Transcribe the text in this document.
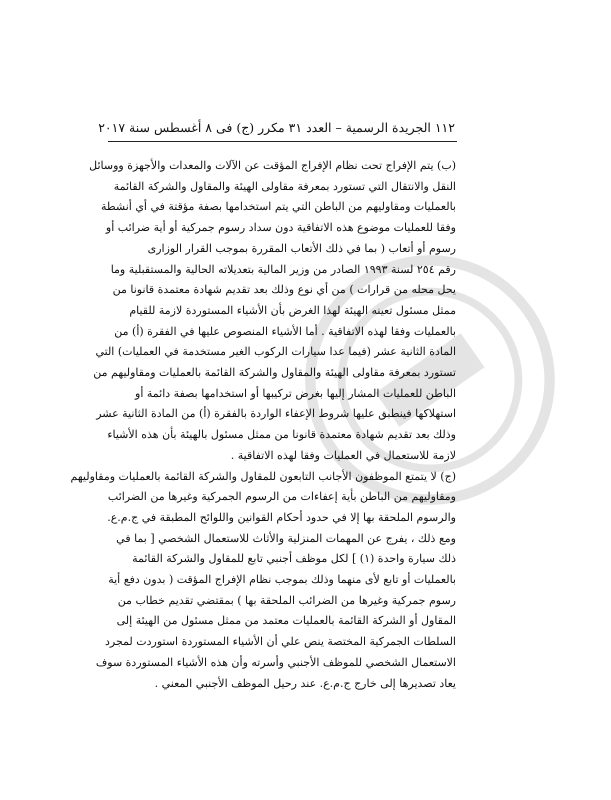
١١٢ الجريدة الرسمية – العدد ٣١ مكرر (ج) فى ٨ أغسطس سنة ٢٠١٧

(ب) يتم الإفراج تحت نظام الإفراج المؤقت عن الآلات والمعدات والأجهزة ووسائل
النقل والانتقال التي تستورد بمعرفة مقاولى الهيئة والمقاول والشركة القائمة
بالعمليات ومقاوليهم من الباطن التي يتم استخدامها بصفة مؤقتة في أي أنشطة
وفقا للعمليات موضوع هذه الاتفاقية دون سداد رسوم جمركية أو أية ضرائب أو
رسوم أو أتعاب ( بما في ذلك الأتعاب المقررة بموجب القرار الوزارى
رقم ٢٥٤ لسنة ١٩٩٣ الصادر من وزير المالية بتعديلاته الحالية والمستقبلية وما
يحل محله من قرارات ) من أي نوع وذلك بعد تقديم شهادة معتمدة قانونا من
ممثل مسئول تعينه الهيئة لهذا الغرض بأن الأشياء المستوردة لازمة للقيام
بالعمليات وفقا لهذه الاتفاقية . أما الأشياء المنصوص عليها في الفقرة (أ) من
المادة الثانية عشر (فيما عدا سيارات الركوب الغير مستخدمة في العمليات) التي
تستورد بمعرفة مقاولى الهيئة والمقاول والشركة القائمة بالعمليات ومقاوليهم من
الباطن للعمليات المشار إليها بغرض تركيبها أو استخدامها بصفة دائمة أو
استهلاكها فينطبق عليها شروط الإعفاء الواردة بالفقرة (أ) من المادة الثانية عشر
وذلك بعد تقديم شهادة معتمدة قانونا من ممثل مسئول بالهيئة بأن هذه الأشياء
لازمة للاستعمال في العمليات وفقا لهذه الاتفاقية .

(ج) لا يتمتع الموظفون الأجانب التابعون للمقاول والشركة القائمة بالعمليات ومقاوليهم
ومقاوليهم من الباطن بأية إعفاءات من الرسوم الجمركية وغيرها من الضرائب
والرسوم الملحقة بها إلا في حدود أحكام القوانين واللوائح المطبقة في ج.م.ع.
ومع ذلك ، يفرج عن المهمات المنزلية والأثاث للاستعمال الشخصي [ بما في
ذلك سيارة واحدة (١) ] لكل موظف أجنبي تابع للمقاول والشركة القائمة
بالعمليات أو تابع لأى منهما وذلك بموجب نظام الإفراج المؤقت ( بدون دفع أية
رسوم جمركية وغيرها من الضرائب الملحقة بها ) بمقتضي تقديم خطاب من
المقاول أو الشركة القائمة بالعمليات معتمد من ممثل مسئول من الهيئة إلى
السلطات الجمركية المختصة ينص علي أن الأشياء المستوردة استوردت لمجرد
الاستعمال الشخصي للموظف الأجنبي وأسرته وأن هذه الأشياء المستوردة سوف
يعاد تصديرها إلى خارج ج.م.ع. عند رحيل الموظف الأجنبي المعني .
